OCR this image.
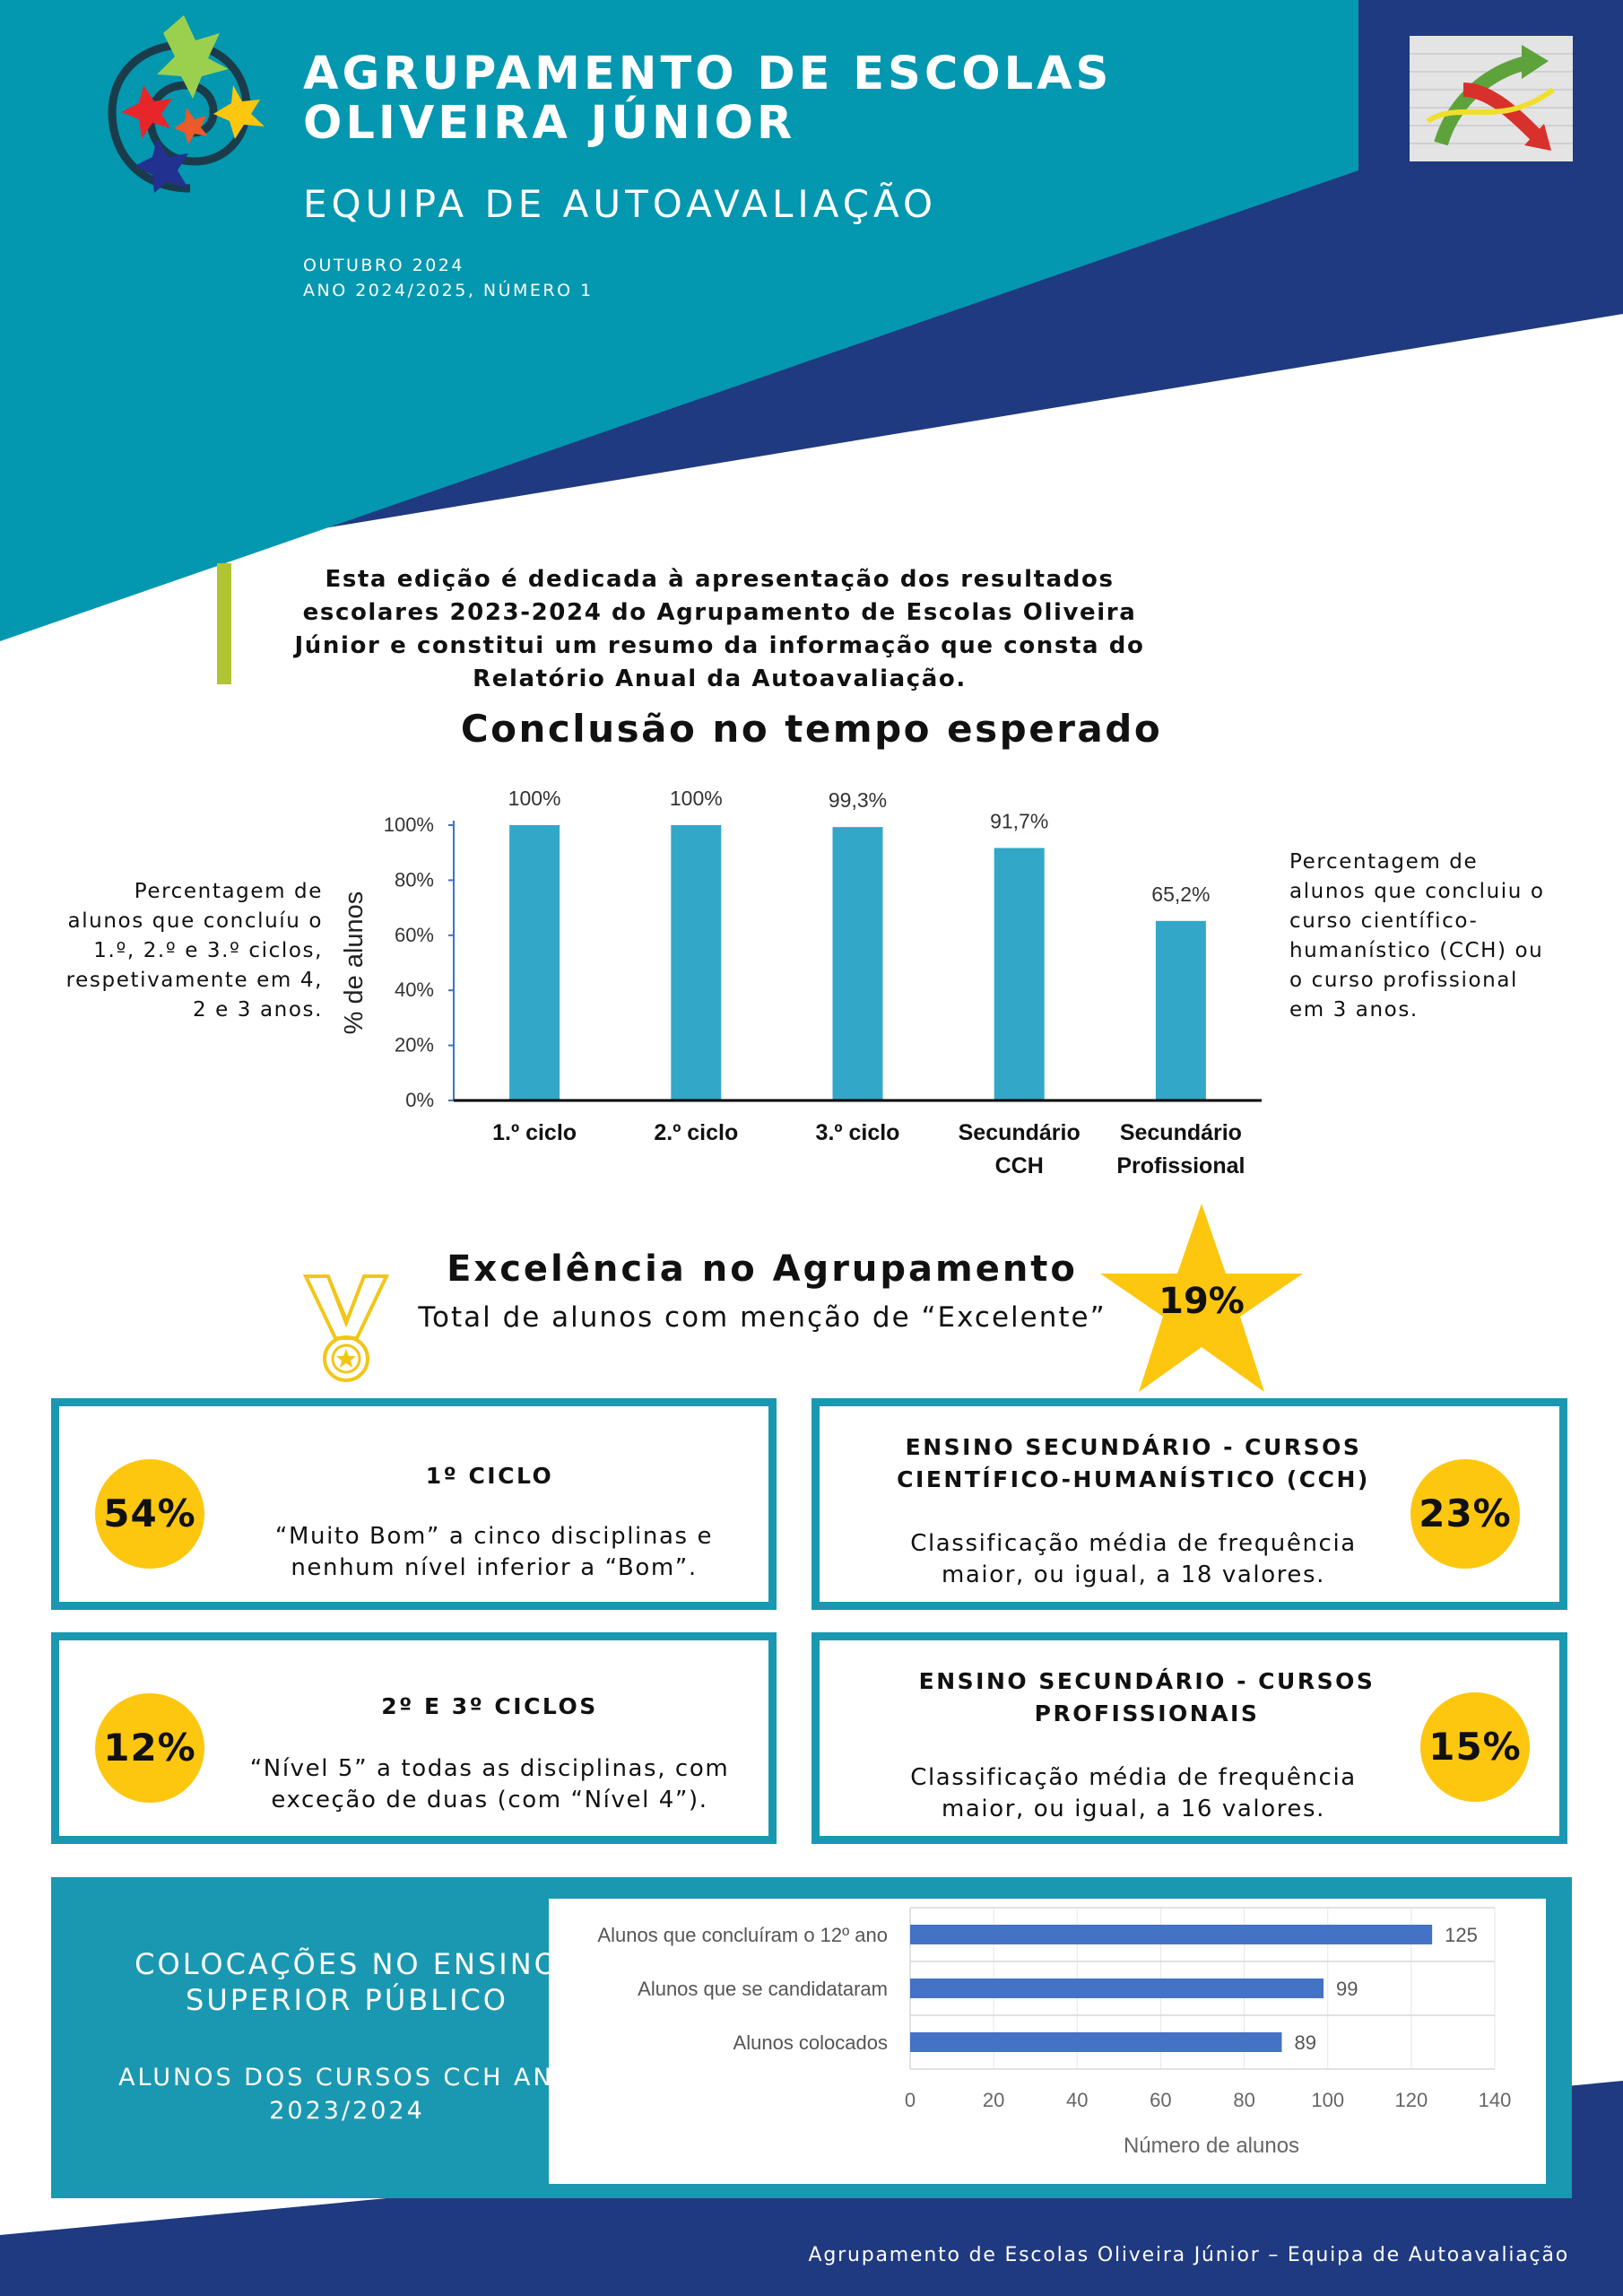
AGRUPAMENTO DE ESCOLAS
OLIVEIRA JÚNIOR
EQUIPA DE AUTOAVALIAÇÃO
OUTUBRO 2024
ANO 2024/2025, NÚMERO 1
Esta edição é dedicada à apresentação dos resultados escolares 2023-2024 do Agrupamento de Escolas Oliveira Júnior e constitui um resumo da informação que consta do Relatório Anual da Autoavaliação.
Conclusão no tempo esperado
Percentagem de alunos que concluíu o 1.º, 2.º e 3.º ciclos, respetivamente em 4, 2 e 3 anos.
Percentagem de alunos que concluiu o curso científico-humanístico (CCH) ou o curso profissional em 3 anos.
0%
20%
40%
60%
80%
100%
100%
1.º ciclo
100%
2.º ciclo
99,3%
3.º ciclo
91,7%
Secundário CCH
65,2%
Secundário Profissional
% de alunos
Excelência no Agrupamento
Total de alunos com menção de “Excelente”	19%
54%
1º CICLO
“Muito Bom” a cinco disciplinas e nenhum nível inferior a “Bom”.
ENSINO SECUNDÁRIO - CURSOS CIENTÍFICO-HUMANÍSTICO (CCH)
Classificação média de frequência maior, ou igual, a 18 valores.
23%
12%
2º E 3º CICLOS
“Nível 5” a todas as disciplinas, com exceção de duas (com “Nível 4”).
ENSINO SECUNDÁRIO - CURSOS PROFISSIONAIS
Classificação média de frequência maior, ou igual, a 16 valores.
15%
COLOCAÇÕES NO ENSINO SUPERIOR PÚBLICO
ALUNOS DOS CURSOS CCH ANO 2023/2024	0	20	40	60	80	100	120	140
125
Alunos que concluíram o 12º ano
99
Alunos que se candidataram
89
Alunos colocados
Número de alunos
Agrupamento de Escolas Oliveira Júnior – Equipa de Autoavaliação
